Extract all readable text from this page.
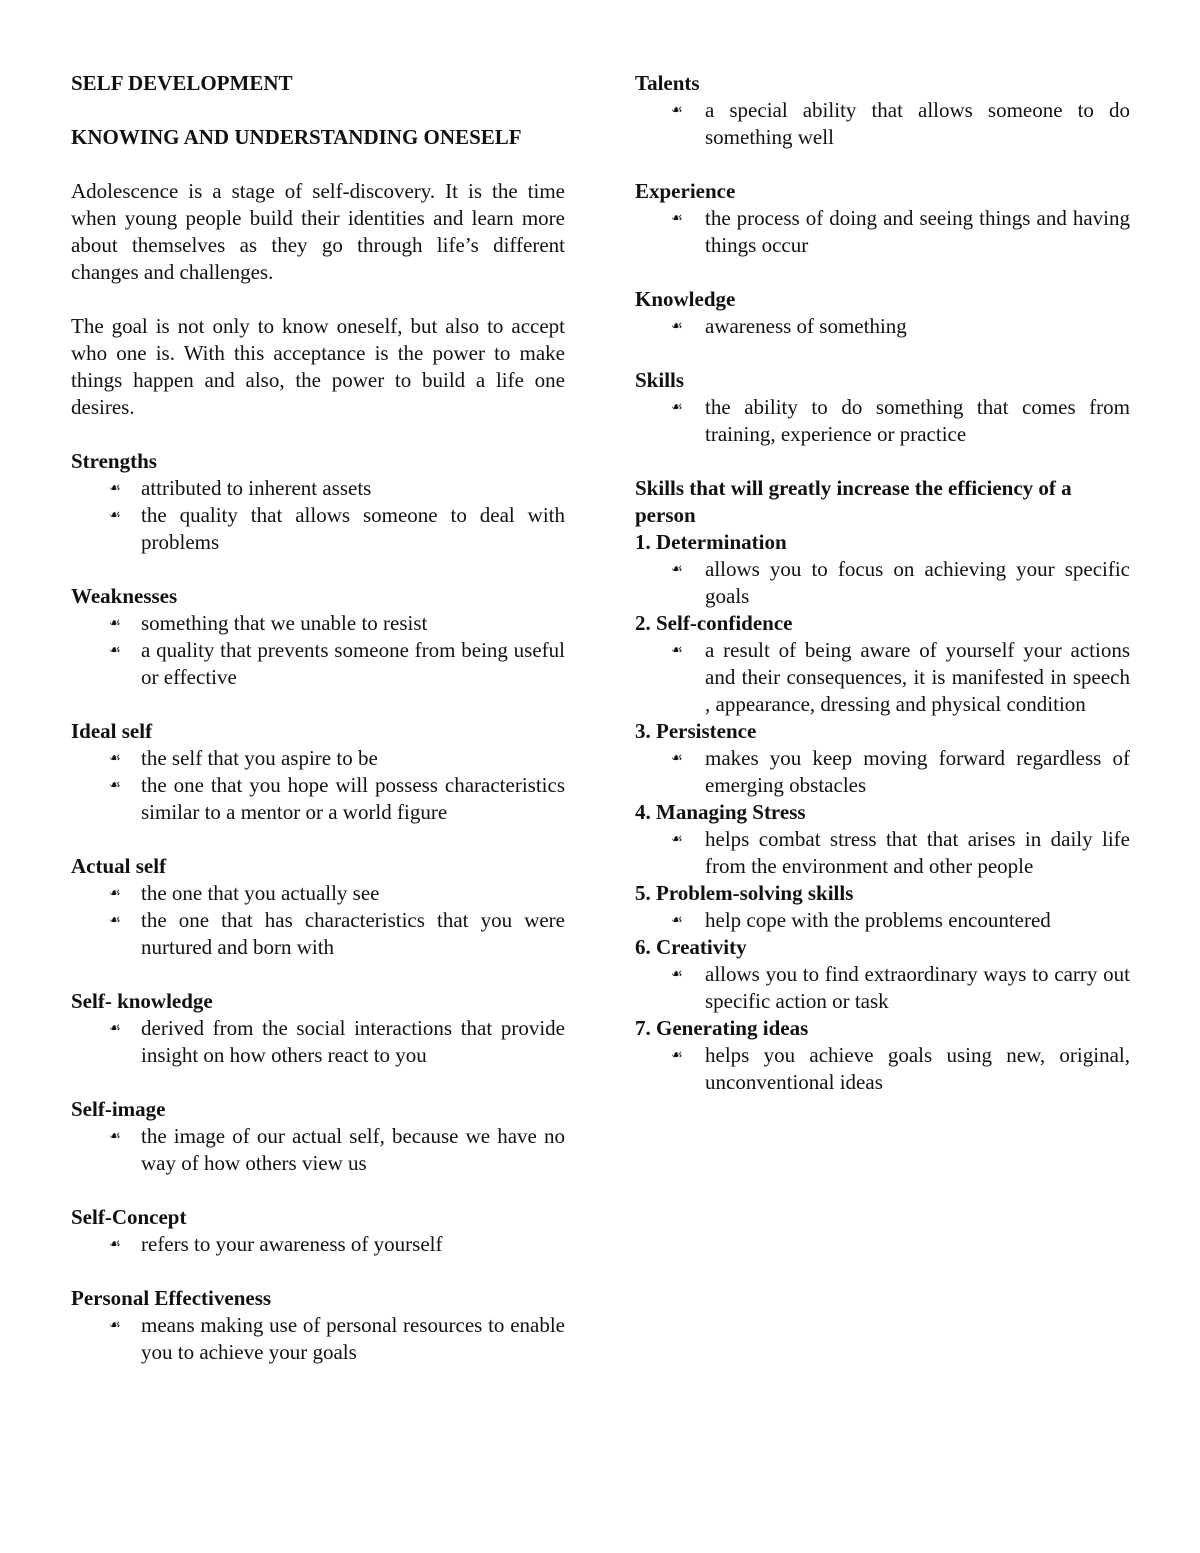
SELF DEVELOPMENT
KNOWING AND UNDERSTANDING ONESELF
Adolescence is a stage of self-discovery. It is the time when young people build their identities and learn more about themselves as they go through life’s different changes and challenges.
The goal is not only to know oneself, but also to accept who one is. With this acceptance is the power to make things happen and also, the power to build a life one desires.
Strengths
☙ attributed to inherent assets
☙ the quality that allows someone to deal with problems
Weaknesses
☙ something that we unable to resist
☙ a quality that prevents someone from being useful or effective
Ideal self
☙ the self that you aspire to be
☙ the one that you hope will possess characteristics similar to a mentor or a world figure
Actual self
☙ the one that you actually see
☙ the one that has characteristics that you were nurtured and born with
Self- knowledge
☙ derived from the social interactions that provide insight on how others react to you
Self-image
☙ the image of our actual self, because we have no way of how others view us
Self-Concept
☙ refers to your awareness of yourself
Personal Effectiveness
☙ means making use of personal resources to enable you to achieve your goals
Talents
☙ a special ability that allows someone to do something well
Experience
☙ the process of doing and seeing things and having things occur
Knowledge
☙ awareness of something
Skills
☙ the ability to do something that comes from training, experience or practice
Skills that will greatly increase the efficiency of a person
1. Determination
☙ allows you to focus on achieving your specific goals
2. Self-confidence
☙ a result of being aware of yourself your actions and their consequences, it is manifested in speech , appearance, dressing and physical condition
3. Persistence
☙ makes you keep moving forward regardless of emerging obstacles
4. Managing Stress
☙ helps combat stress that that arises in daily life from the environment and other people
5. Problem-solving skills
☙ help cope with the problems encountered
6. Creativity
☙ allows you to find extraordinary ways to carry out specific action or task
7. Generating ideas
☙ helps you achieve goals using new, original, unconventional ideas
